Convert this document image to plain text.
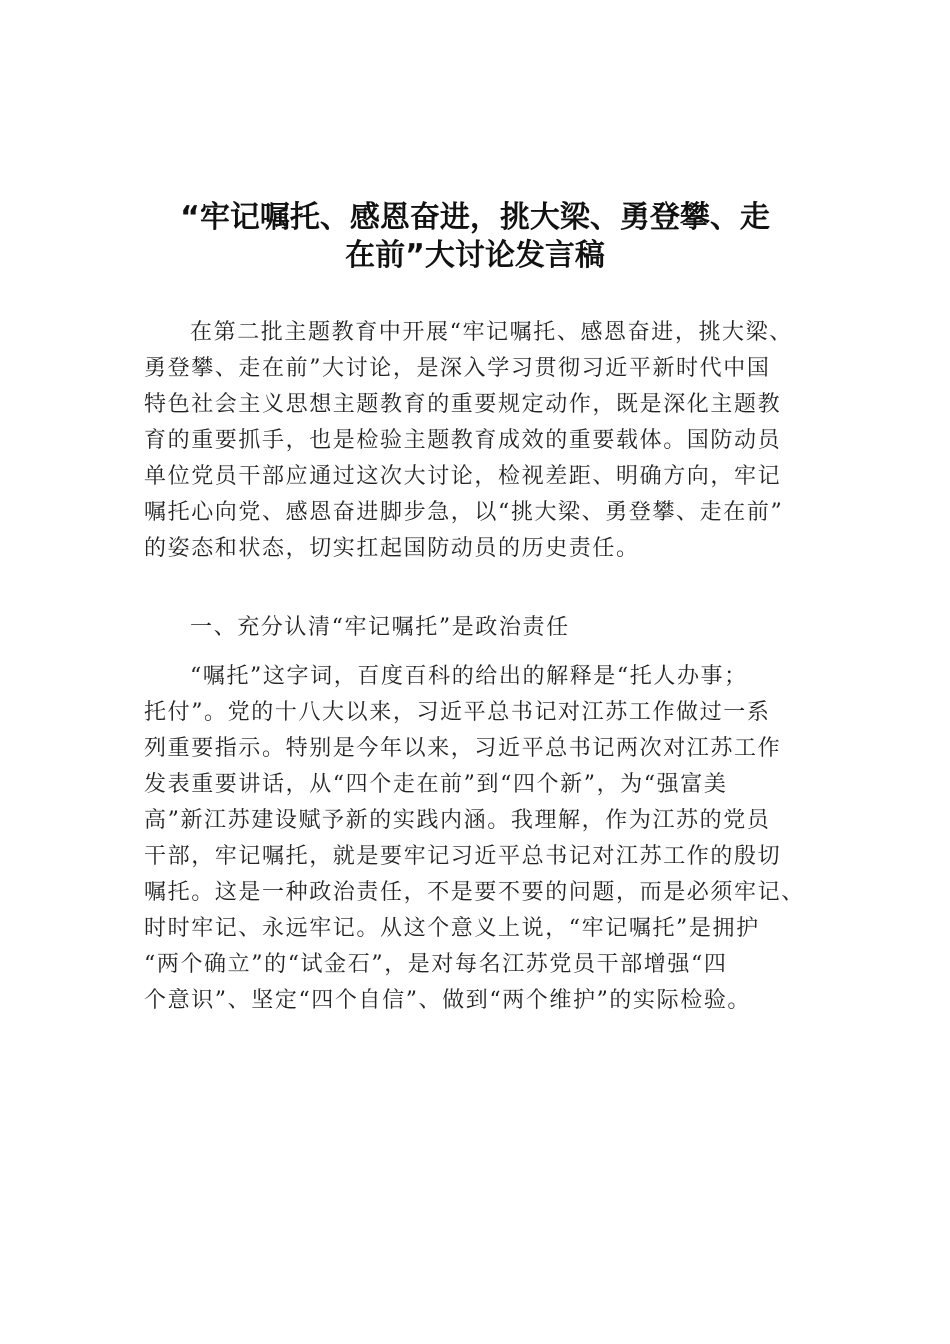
“牢记嘱托、感恩奋进，挑大梁、勇登攀、走
在前”大讨论发言稿
在第二批主题教育中开展“牢记嘱托、感恩奋进，挑大梁、
勇登攀、走在前”大讨论，是深入学习贯彻习近平新时代中国
特色社会主义思想主题教育的重要规定动作，既是深化主题教
育的重要抓手，也是检验主题教育成效的重要载体。国防动员
单位党员干部应通过这次大讨论，检视差距、明确方向，牢记
嘱托心向党、感恩奋进脚步急，以“挑大梁、勇登攀、走在前”
的姿态和状态，切实扛起国防动员的历史责任。
一、充分认清“牢记嘱托”是政治责任
“嘱托”这字词，百度百科的给出的解释是“托人办事；
托付”。党的十八大以来，习近平总书记对江苏工作做过一系
列重要指示。特别是今年以来，习近平总书记两次对江苏工作
发表重要讲话，从“四个走在前”到“四个新”，为“强富美
高”新江苏建设赋予新的实践内涵。我理解，作为江苏的党员
干部，牢记嘱托，就是要牢记习近平总书记对江苏工作的殷切
嘱托。这是一种政治责任，不是要不要的问题，而是必须牢记、
时时牢记、永远牢记。从这个意义上说，“牢记嘱托”是拥护
“两个确立”的“试金石”，是对每名江苏党员干部增强“四
个意识”、坚定“四个自信”、做到“两个维护”的实际检验。
